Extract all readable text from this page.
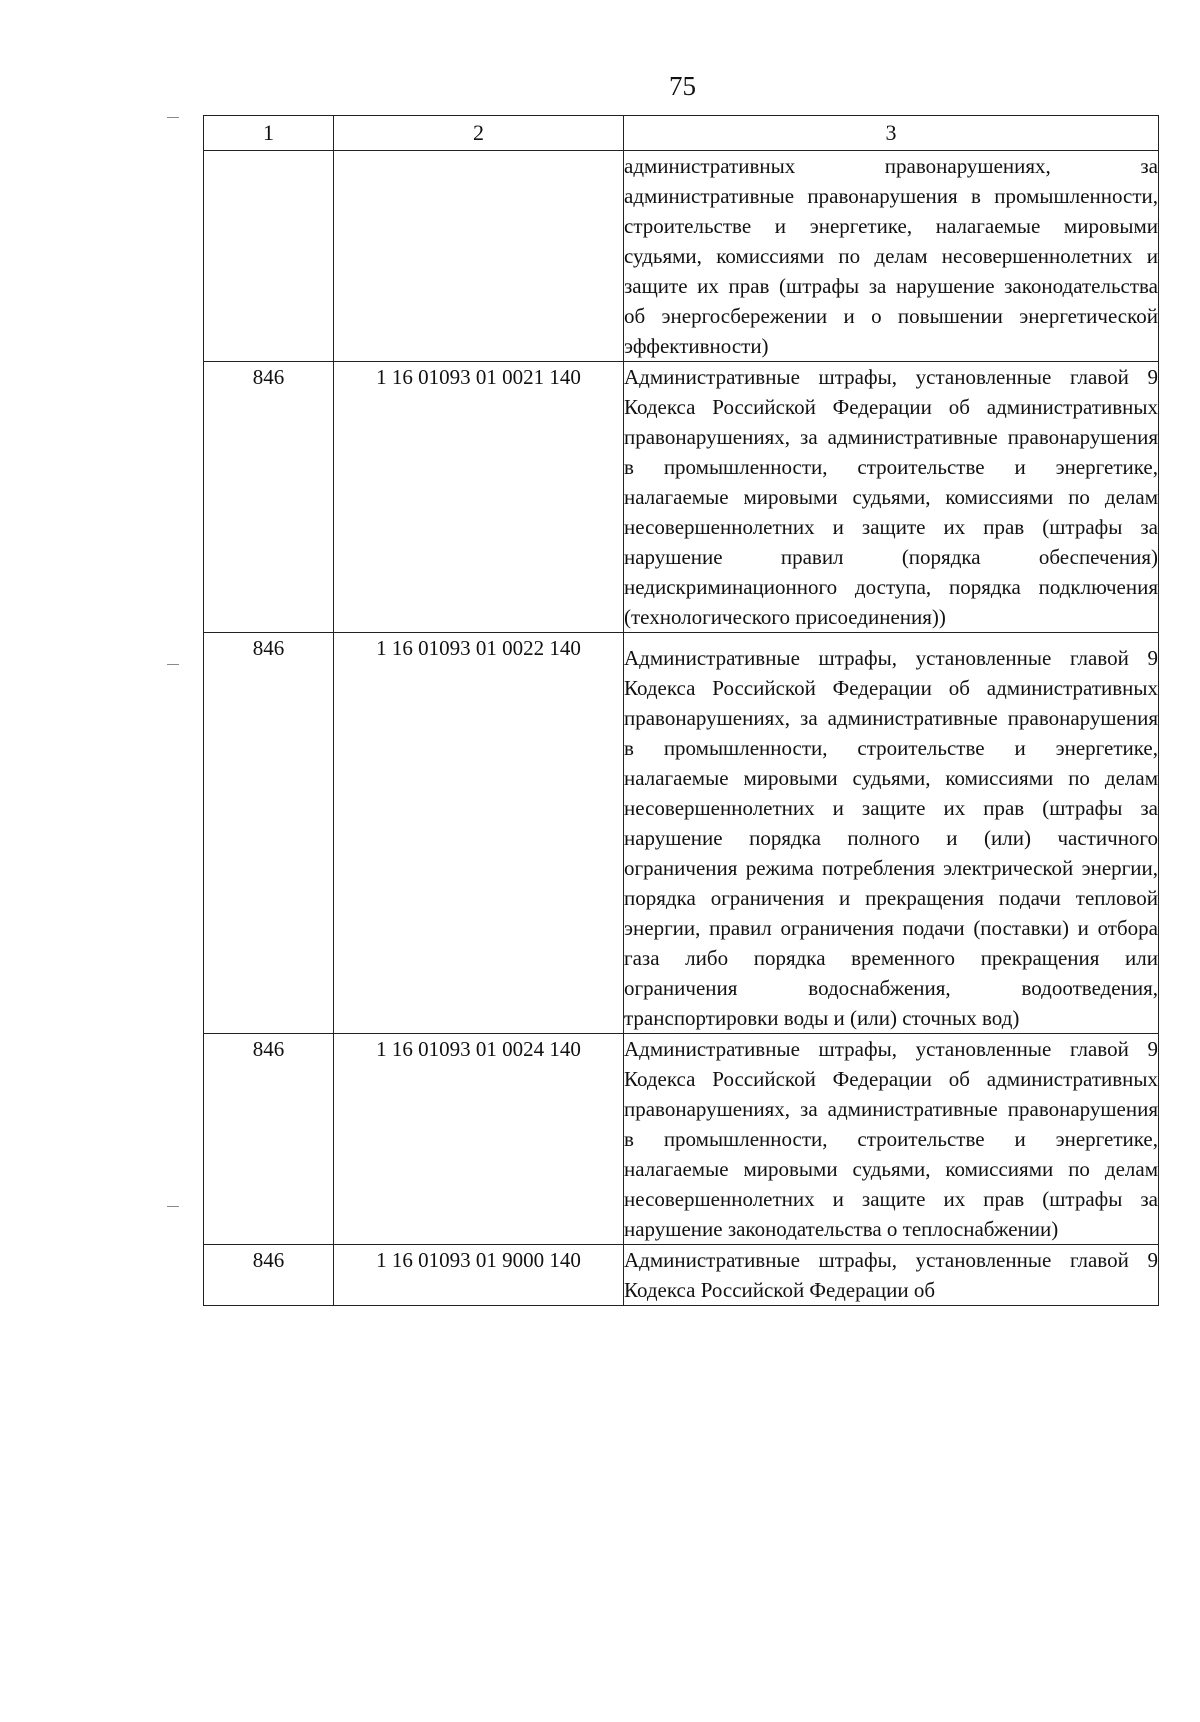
75
1	2	3

		административных правонарушениях, за административные правонарушения в промышленности, строительстве и энергетике, налагаемые мировыми судьями, комиссиями по делам несовершеннолетних и защите их прав (штрафы за нарушение законодательства об энергосбережении и о повышении энергетической эффективности)

846	1 16 01093 01 0021 140	Административные штрафы, установленные главой 9 Кодекса Российской Федерации об административных правонарушениях, за административные правонарушения в промышленности, строительстве и энергетике, налагаемые мировыми судьями, комиссиями по делам несовершеннолетних и защите их прав (штрафы за нарушение правил (порядка обеспечения) недискриминационного доступа, порядка подключения (технологического присоединения))

846	1 16 01093 01 0022 140	Административные штрафы, установленные главой 9 Кодекса Российской Федерации об административных правонарушениях, за административные правонарушения в промышленности, строительстве и энергетике, налагаемые мировыми судьями, комиссиями по делам несовершеннолетних и защите их прав (штрафы за нарушение порядка полного и (или) частичного ограничения режима потребления электрической энергии, порядка ограничения и прекращения подачи тепловой энергии, правил ограничения подачи (поставки) и отбора газа либо порядка временного прекращения или ограничения водоснабжения, водоотведения, транспортировки воды и (или) сточных вод)

846	1 16 01093 01 0024 140	Административные штрафы, установленные главой 9 Кодекса Российской Федерации об административных правонарушениях, за административные правонарушения в промышленности, строительстве и энергетике, налагаемые мировыми судьями, комиссиями по делам несовершеннолетних и защите их прав (штрафы за нарушение законодательства о теплоснабжении)

846	1 16 01093 01 9000 140	Административные штрафы, установленные главой 9 Кодекса Российской Федерации об
